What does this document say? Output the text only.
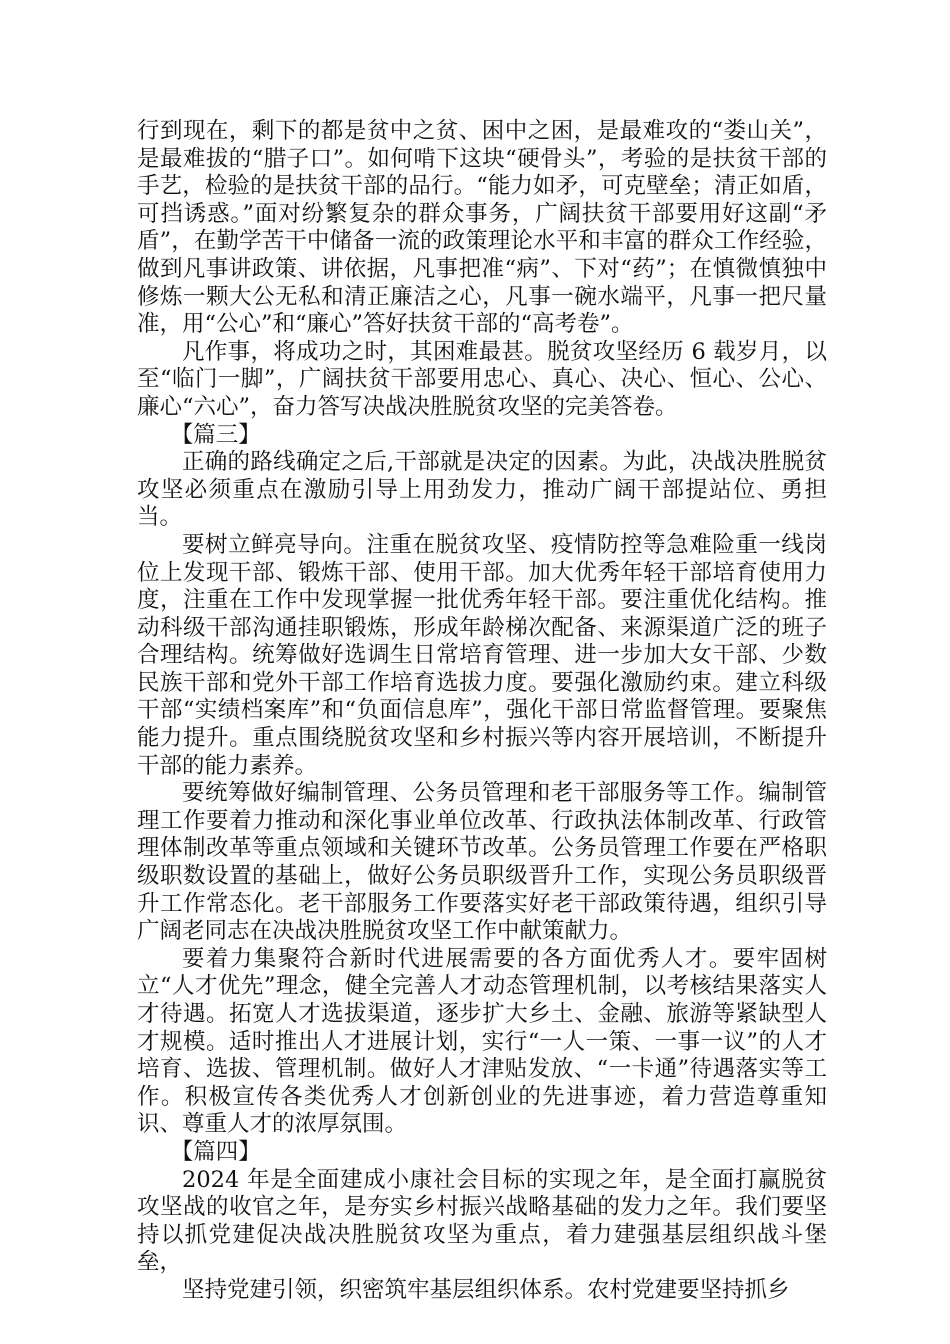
行到现在，剩下的都是贫中之贫、困中之困，是最难攻的“娄山关”，是最难拔的“腊子口”。如何啃下这块“硬骨头”，考验的是扶贫干部的手艺，检验的是扶贫干部的品行。“能力如矛，可克壁垒；清正如盾，可挡诱惑。”面对纷繁复杂的群众事务，广阔扶贫干部要用好这副“矛盾”，在勤学苦干中储备一流的政策理论水平和丰富的群众工作经验，做到凡事讲政策、讲依据，凡事把准“病”、下对“药”；在慎微慎独中修炼一颗大公无私和清正廉洁之心，凡事一碗水端平，凡事一把尺量准，用“公心”和“廉心”答好扶贫干部的“高考卷”。

凡作事，将成功之时，其困难最甚。脱贫攻坚经历 6 载岁月，以至“临门一脚”，广阔扶贫干部要用忠心、真心、决心、恒心、公心、廉心“六心”，奋力答写决战决胜脱贫攻坚的完美答卷。

【篇三】

正确的路线确定之后,干部就是决定的因素。为此，决战决胜脱贫攻坚必须重点在激励引导上用劲发力，推动广阔干部提站位、勇担当。

要树立鲜亮导向。注重在脱贫攻坚、疫情防控等急难险重一线岗位上发现干部、锻炼干部、使用干部。加大优秀年轻干部培育使用力度，注重在工作中发现掌握一批优秀年轻干部。要注重优化结构。推动科级干部沟通挂职锻炼，形成年龄梯次配备、来源渠道广泛的班子合理结构。统筹做好选调生日常培育管理、进一步加大女干部、少数民族干部和党外干部工作培育选拔力度。要强化激励约束。建立科级干部“实绩档案库”和“负面信息库”，强化干部日常监督管理。要聚焦能力提升。重点围绕脱贫攻坚和乡村振兴等内容开展培训，不断提升干部的能力素养。

要统筹做好编制管理、公务员管理和老干部服务等工作。编制管理工作要着力推动和深化事业单位改革、行政执法体制改革、行政管理体制改革等重点领域和关键环节改革。公务员管理工作要在严格职级职数设置的基础上，做好公务员职级晋升工作，实现公务员职级晋升工作常态化。老干部服务工作要落实好老干部政策待遇，组织引导广阔老同志在决战决胜脱贫攻坚工作中献策献力。

要着力集聚符合新时代进展需要的各方面优秀人才。要牢固树立“人才优先”理念，健全完善人才动态管理机制，以考核结果落实人才待遇。拓宽人才选拔渠道，逐步扩大乡土、金融、旅游等紧缺型人才规模。适时推出人才进展计划，实行“一人一策、一事一议”的人才培育、选拔、管理机制。做好人才津贴发放、“一卡通”待遇落实等工作。积极宣传各类优秀人才创新创业的先进事迹，着力营造尊重知识、尊重人才的浓厚氛围。

【篇四】

2024 年是全面建成小康社会目标的实现之年，是全面打赢脱贫攻坚战的收官之年，是夯实乡村振兴战略基础的发力之年。我们要坚持以抓党建促决战决胜脱贫攻坚为重点，着力建强基层组织战斗堡垒，

坚持党建引领，织密筑牢基层组织体系。农村党建要坚持抓乡
